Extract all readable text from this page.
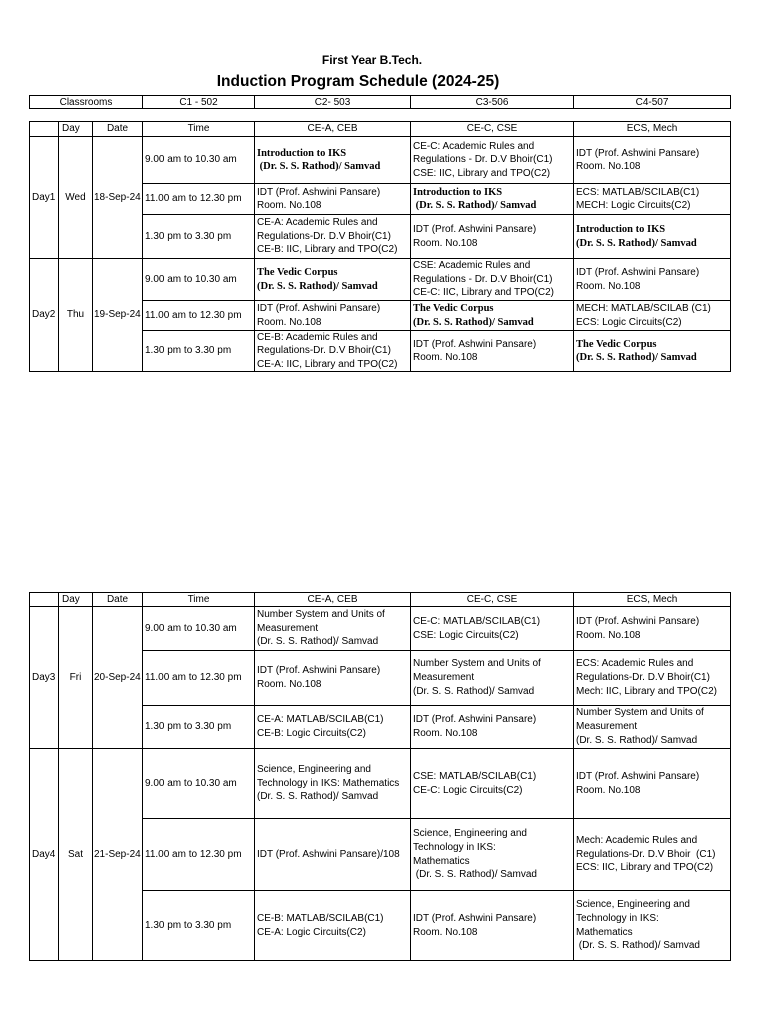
First Year B.Tech.
Induction Program Schedule (2024-25)
Classrooms	C1 - 502	C2- 503	C3-506	C4-507
	Day	Date	Time	CE-A, CEB	CE-C, CSE	ECS, Mech
Day1	Wed	18-Sep-24	9.00 am to 10.30 am	Introduction to IKS
(Dr. S. S. Rathod)/ Samvad	CE-C: Academic Rules and
Regulations - Dr. D.V Bhoir(C1)
CSE: IIC, Library and TPO(C2)	IDT (Prof. Ashwini Pansare)
Room. No.108
			11.00 am to 12.30 pm	IDT (Prof. Ashwini Pansare)
Room. No.108	Introduction to IKS
(Dr. S. S. Rathod)/ Samvad	ECS: MATLAB/SCILAB(C1)
MECH: Logic Circuits(C2)
			1.30 pm to 3.30 pm	CE-A: Academic Rules and
Regulations-Dr. D.V Bhoir(C1)
CE-B: IIC, Library and TPO(C2)	IDT (Prof. Ashwini Pansare)
Room. No.108	Introduction to IKS
(Dr. S. S. Rathod)/ Samvad
Day2	Thu	19-Sep-24	9.00 am to 10.30 am	The Vedic Corpus
(Dr. S. S. Rathod)/ Samvad	CSE: Academic Rules and
Regulations - Dr. D.V Bhoir(C1)
CE-C: IIC, Library and TPO(C2)	IDT (Prof. Ashwini Pansare)
Room. No.108
			11.00 am to 12.30 pm	IDT (Prof. Ashwini Pansare)
Room. No.108	The Vedic Corpus
(Dr. S. S. Rathod)/ Samvad	MECH: MATLAB/SCILAB (C1)
ECS: Logic Circuits(C2)
			1.30 pm to 3.30 pm	CE-B: Academic Rules and
Regulations-Dr. D.V Bhoir(C1)
CE-A: IIC, Library and TPO(C2)	IDT (Prof. Ashwini Pansare)
Room. No.108	The Vedic Corpus
(Dr. S. S. Rathod)/ Samvad
	Day	Date	Time	CE-A, CEB	CE-C, CSE	ECS, Mech
Day3	Fri	20-Sep-24	9.00 am to 10.30 am	Number System and Units of
Measurement
(Dr. S. S. Rathod)/ Samvad	CE-C: MATLAB/SCILAB(C1)
CSE: Logic Circuits(C2)	IDT (Prof. Ashwini Pansare)
Room. No.108
			11.00 am to 12.30 pm	IDT (Prof. Ashwini Pansare)
Room. No.108	Number System and Units of
Measurement
(Dr. S. S. Rathod)/ Samvad	ECS: Academic Rules and
Regulations-Dr. D.V Bhoir(C1)
Mech: IIC, Library and TPO(C2)
			1.30 pm to 3.30 pm	CE-A: MATLAB/SCILAB(C1)
CE-B: Logic Circuits(C2)	IDT (Prof. Ashwini Pansare)
Room. No.108	Number System and Units of
Measurement
(Dr. S. S. Rathod)/ Samvad
Day4	Sat	21-Sep-24	9.00 am to 10.30 am	Science, Engineering and
Technology in IKS: Mathematics
(Dr. S. S. Rathod)/ Samvad	CSE: MATLAB/SCILAB(C1)
CE-C: Logic Circuits(C2)	IDT (Prof. Ashwini Pansare)
Room. No.108
			11.00 am to 12.30 pm	IDT (Prof. Ashwini Pansare)/108	Science, Engineering and
Technology in IKS:
Mathematics
(Dr. S. S. Rathod)/ Samvad	Mech: Academic Rules and
Regulations-Dr. D.V Bhoir  (C1)
ECS: IIC, Library and TPO(C2)
			1.30 pm to 3.30 pm	CE-B: MATLAB/SCILAB(C1)
CE-A: Logic Circuits(C2)	IDT (Prof. Ashwini Pansare)
Room. No.108	Science, Engineering and
Technology in IKS:
Mathematics
(Dr. S. S. Rathod)/ Samvad
